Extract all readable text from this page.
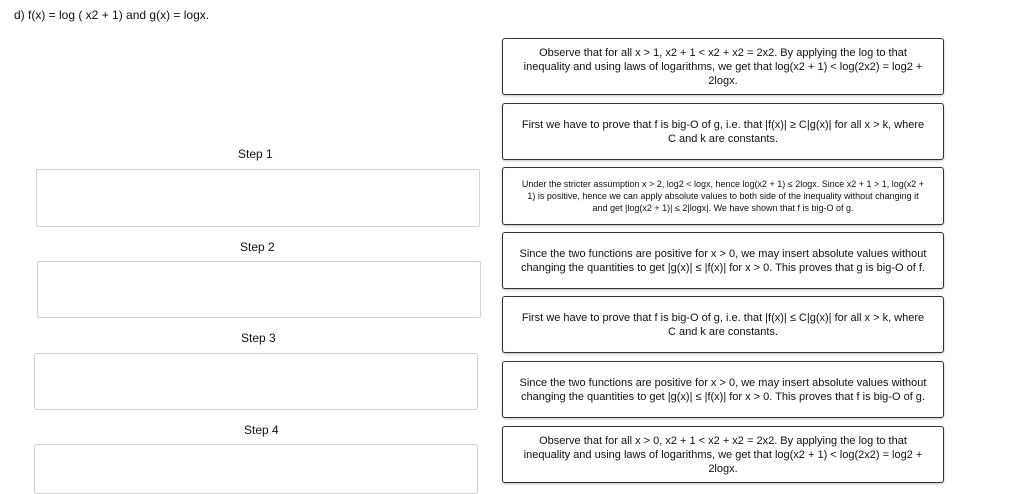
d) f(x) = log ( x2 + 1) and g(x) = logx.
Step 1
Step 2
Step 3
Step 4
Observe that for all x > 1, x2 + 1 < x2 + x2 = 2x2. By applying the log to that inequality and using laws of logarithms, we get that log(x2 + 1) < log(2x2) = log2 + 2logx.
First we have to prove that f is big-O of g, i.e. that |f(x)| ≥ C|g(x)| for all x > k, where C and k are constants.
Under the stricter assumption x > 2, log2 < logx, hence log(x2 + 1) ≤ 2logx. Since x2 + 1 > 1, log(x2 + 1) is positive, hence we can apply absolute values to both side of the inequality without changing it and get |log(x2 + 1)| ≤ 2|logx|. We have shown that f is big-O of g.
Since the two functions are positive for x > 0, we may insert absolute values without changing the quantities to get |g(x)| ≤ |f(x)| for x > 0. This proves that g is big-O of f.
First we have to prove that f is big-O of g, i.e. that |f(x)| ≤ C|g(x)| for all x > k, where C and k are constants.
Since the two functions are positive for x > 0, we may insert absolute values without changing the quantities to get |g(x)| ≤ |f(x)| for x > 0. This proves that f is big-O of g.
Observe that for all x > 0, x2 + 1 < x2 + x2 = 2x2. By applying the log to that inequality and using laws of logarithms, we get that log(x2 + 1) < log(2x2) = log2 + 2logx.
